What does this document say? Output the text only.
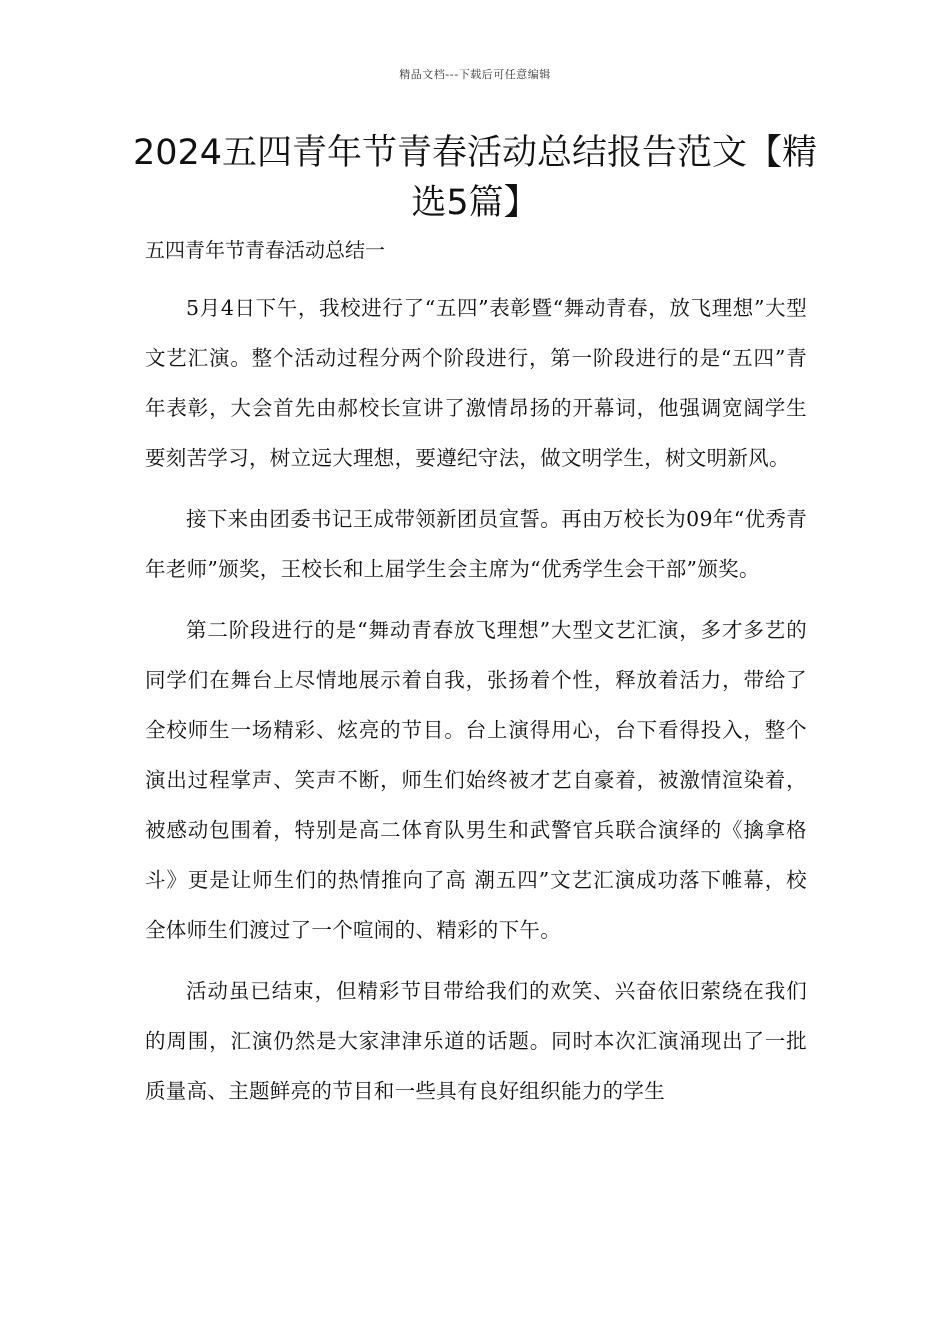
精品文档---下载后可任意编辑
2024五四青年节青春活动总结报告范文【精选5篇】
五四青年节青春活动总结一

5月4日下午，我校进行了“五四”表彰暨“舞动青春，放飞理想”大型文艺汇演。整个活动过程分两个阶段进行，第一阶段进行的是“五四”青年表彰，大会首先由郝校长宣讲了激情昂扬的开幕词，他强调宽阔学生要刻苦学习，树立远大理想，要遵纪守法，做文明学生，树文明新风。

接下来由团委书记王成带领新团员宣誓。再由万校长为09年“优秀青年老师”颁奖，王校长和上届学生会主席为“优秀学生会干部”颁奖。

第二阶段进行的是“舞动青春放飞理想”大型文艺汇演，多才多艺的同学们在舞台上尽情地展示着自我，张扬着个性，释放着活力，带给了全校师生一场精彩、炫亮的节目。台上演得用心，台下看得投入，整个演出过程掌声、笑声不断，师生们始终被才艺自豪着，被激情渲染着，被感动包围着，特别是高二体育队男生和武警官兵联合演绎的《擒拿格斗》更是让师生们的热情推向了高 潮五四”文艺汇演成功落下帷幕，校全体师生们渡过了一个喧闹的、精彩的下午。

活动虽已结束，但精彩节目带给我们的欢笑、兴奋依旧萦绕在我们的周围，汇演仍然是大家津津乐道的话题。同时本次汇演涌现出了一批质量高、主题鲜亮的节目和一些具有良好组织能力的学生
